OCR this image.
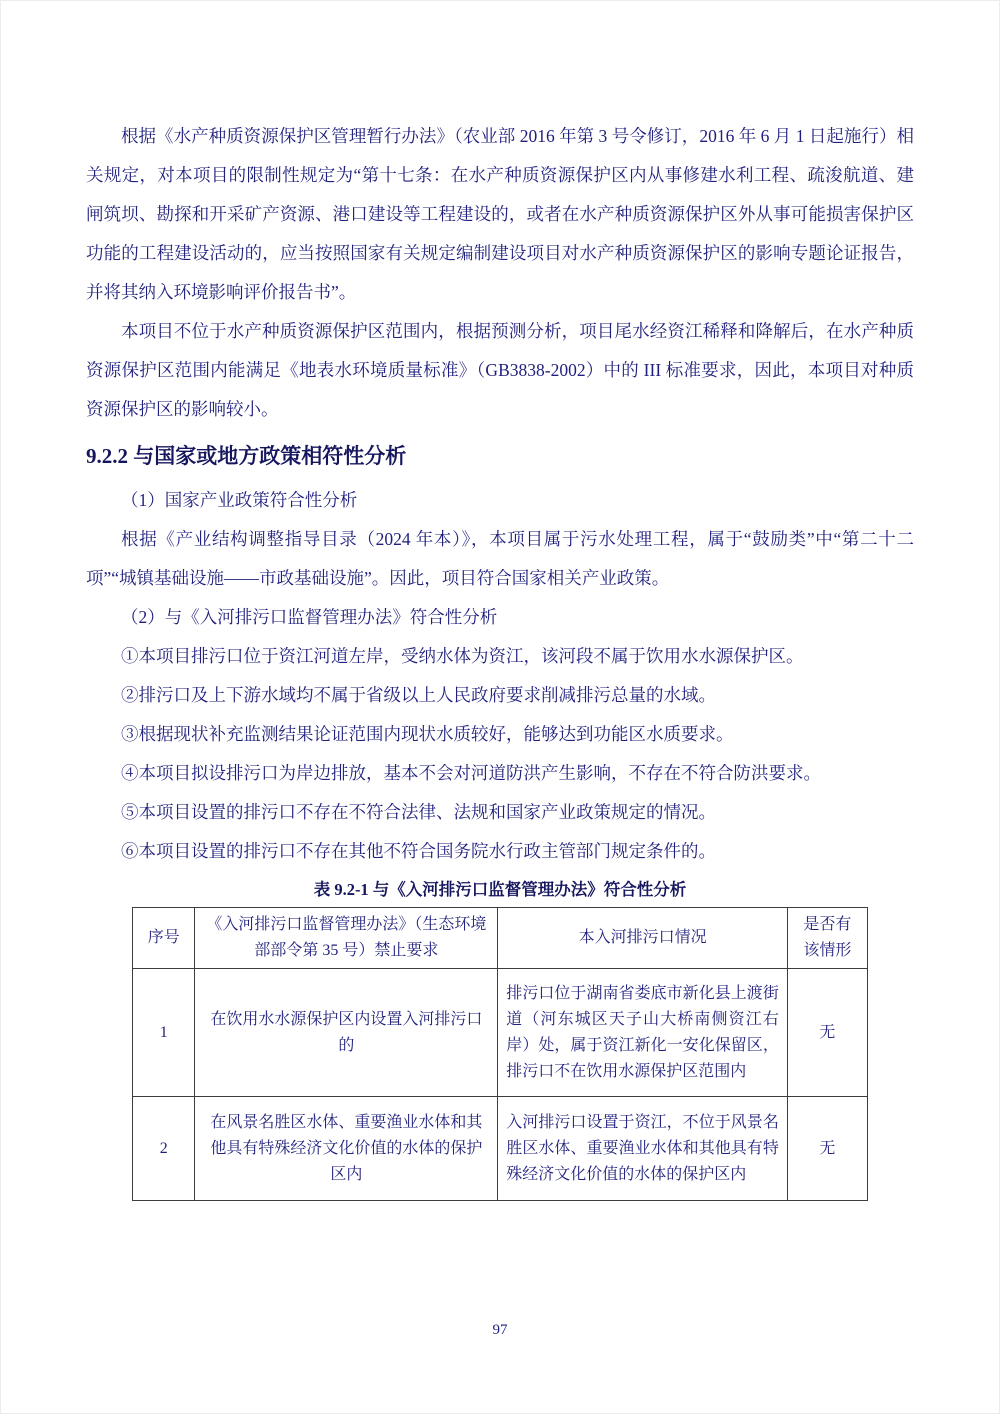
根据《水产种质资源保护区管理暂行办法》（农业部 2016 年第 3 号令修订，2016 年 6 月 1 日起施行）相关规定，对本项目的限制性规定为“第十七条：在水产种质资源保护区内从事修建水利工程、疏浚航道、建闸筑坝、勘探和开采矿产资源、港口建设等工程建设的，或者在水产种质资源保护区外从事可能损害保护区功能的工程建设活动的，应当按照国家有关规定编制建设项目对水产种质资源保护区的影响专题论证报告，并将其纳入环境影响评价报告书”。

本项目不位于水产种质资源保护区范围内，根据预测分析，项目尾水经资江稀释和降解后，在水产种质资源保护区范围内能满足《地表水环境质量标准》（GB3838-2002）中的 III 标准要求，因此，本项目对种质资源保护区的影响较小。

9.2.2 与国家或地方政策相符性分析

（1）国家产业政策符合性分析

根据《产业结构调整指导目录（2024 年本）》，本项目属于污水处理工程，属于“鼓励类”中“第二十二项”“城镇基础设施——市政基础设施”。因此，项目符合国家相关产业政策。

（2）与《入河排污口监督管理办法》符合性分析

①本项目排污口位于资江河道左岸，受纳水体为资江，该河段不属于饮用水水源保护区。

②排污口及上下游水域均不属于省级以上人民政府要求削减排污总量的水域。

③根据现状补充监测结果论证范围内现状水质较好，能够达到功能区水质要求。

④本项目拟设排污口为岸边排放，基本不会对河道防洪产生影响，不存在不符合防洪要求。

⑤本项目设置的排污口不存在不符合法律、法规和国家产业政策规定的情况。

⑥本项目设置的排污口不存在其他不符合国务院水行政主管部门规定条件的。

表 9.2-1 与《入河排污口监督管理办法》符合性分析
序号	《入河排污口监督管理办法》（生态环境部部令第 35 号）禁止要求	本入河排污口情况	是否有该情形
1	在饮用水水源保护区内设置入河排污口的	排污口位于湖南省娄底市新化县上渡街道（河东城区天子山大桥南侧资江右岸）处，属于资江新化一安化保留区，排污口不在饮用水源保护区范围内	无
2	在风景名胜区水体、重要渔业水体和其他具有特殊经济文化价值的水体的保护区内	入河排污口设置于资江，不位于风景名胜区水体、重要渔业水体和其他具有特殊经济文化价值的水体的保护区内	无
97
